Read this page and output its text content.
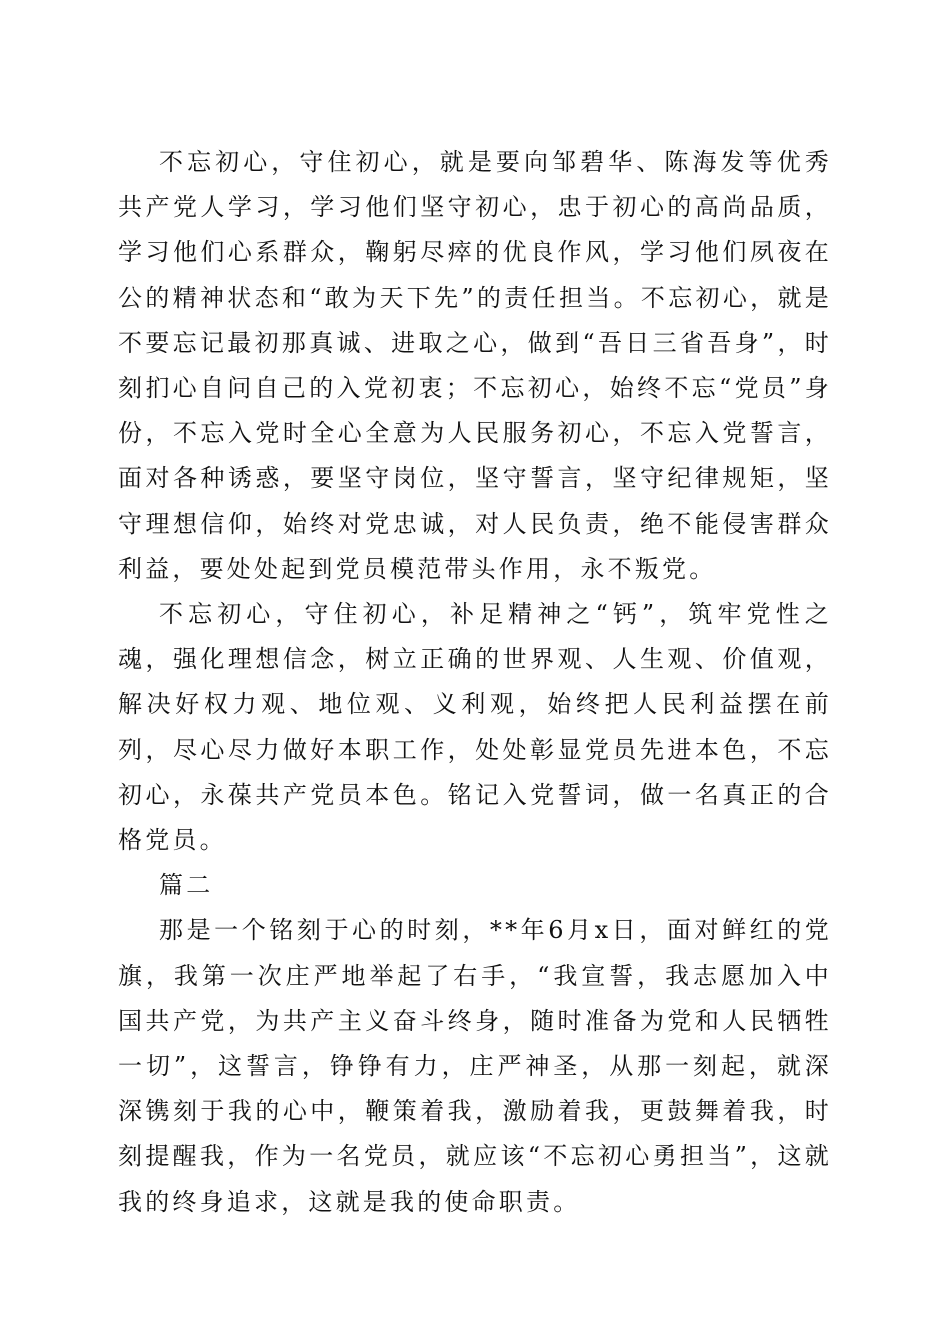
不忘初心，守住初心，就是要向邹碧华、陈海发等优秀共产党人学习，学习他们坚守初心，忠于初心的高尚品质，学习他们心系群众，鞠躬尽瘁的优良作风，学习他们夙夜在公的精神状态和“敢为天下先”的责任担当。不忘初心，就是不要忘记最初那真诚、进取之心，做到“吾日三省吾身”，时刻扪心自问自己的入党初衷；不忘初心，始终不忘“党员”身份，不忘入党时全心全意为人民服务初心，不忘入党誓言，面对各种诱惑，要坚守岗位，坚守誓言，坚守纪律规矩，坚守理想信仰，始终对党忠诚，对人民负责，绝不能侵害群众利益，要处处起到党员模范带头作用，永不叛党。

不忘初心，守住初心，补足精神之“钙”，筑牢党性之魂，强化理想信念，树立正确的世界观、人生观、价值观，解决好权力观、地位观、义利观，始终把人民利益摆在前列，尽心尽力做好本职工作，处处彰显党员先进本色，不忘初心，永葆共产党员本色。铭记入党誓词，做一名真正的合格党员。

篇二

那是一个铭刻于心的时刻，**年6月x日，面对鲜红的党旗，我第一次庄严地举起了右手，“我宣誓，我志愿加入中国共产党，为共产主义奋斗终身，随时准备为党和人民牺牲一切”，这誓言，铮铮有力，庄严神圣，从那一刻起，就深深镌刻于我的心中，鞭策着我，激励着我，更鼓舞着我，时刻提醒我，作为一名党员，就应该“不忘初心勇担当”，这就我的终身追求，这就是我的使命职责。
